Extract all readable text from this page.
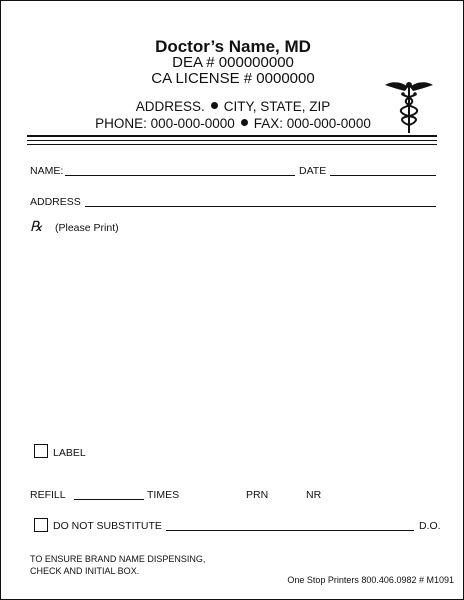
Doctor’s Name, MD
DEA # 000000000
CA LICENSE # 0000000
ADDRESS. CITY, STATE, ZIP
PHONE: 000-000-0000 FAX: 000-000-0000
NAME:	DATE
ADDRESS
℞ (Please Print)
LABEL
REFILL	TIMES	PRN	NR
DO NOT SUBSTITUTE	D.O.
TO ENSURE BRAND NAME DISPENSING,
CHECK AND INITIAL BOX.
One Stop Printers 800.406.0982 # M1091
